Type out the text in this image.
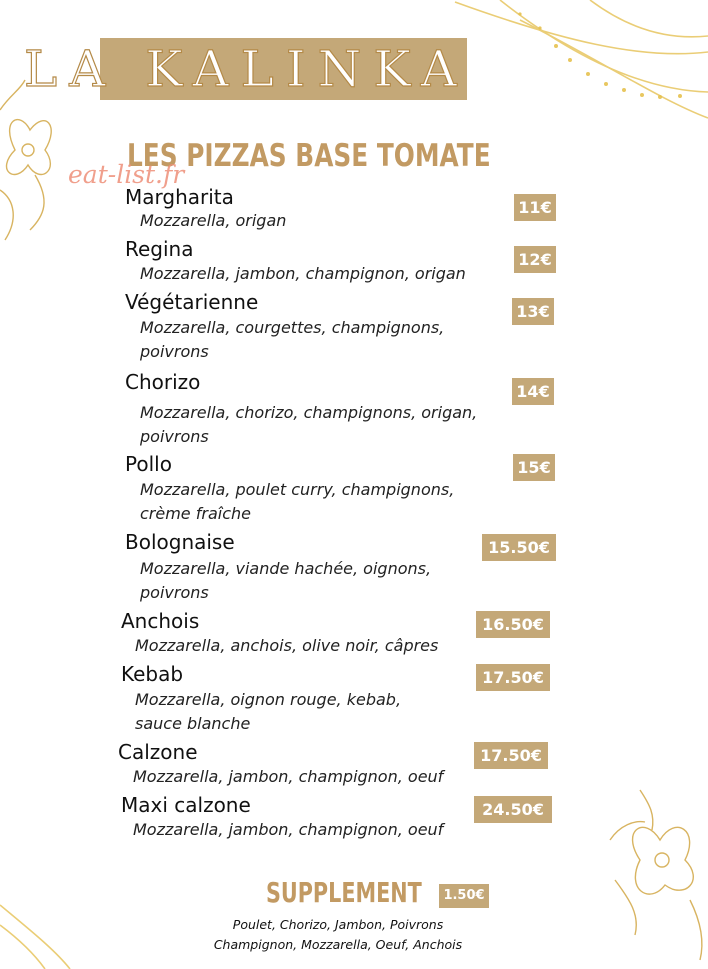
LA KALINKA
LES PIZZAS BASE TOMATE
eat-list.fr
Margharita
Mozzarella, origan
11€
Regina
Mozzarella, jambon, champignon, origan
12€
Végétarienne
Mozzarella, courgettes, champignons,
poivrons
13€
Chorizo
Mozzarella, chorizo, champignons, origan,
poivrons
14€
Pollo
Mozzarella, poulet curry, champignons,
crème fraîche
15€
Bolognaise
Mozzarella, viande hachée, oignons,
poivrons
15.50€
Anchois
Mozzarella, anchois, olive noir, câpres
16.50€
Kebab
Mozzarella, oignon rouge, kebab,
sauce blanche
17.50€
Calzone
Mozzarella, jambon, champignon, oeuf
17.50€
Maxi calzone
Mozzarella, jambon, champignon, oeuf
24.50€
SUPPLEMENT	1.50€
Poulet, Chorizo, Jambon, Poivrons
Champignon, Mozzarella, Oeuf, Anchois
